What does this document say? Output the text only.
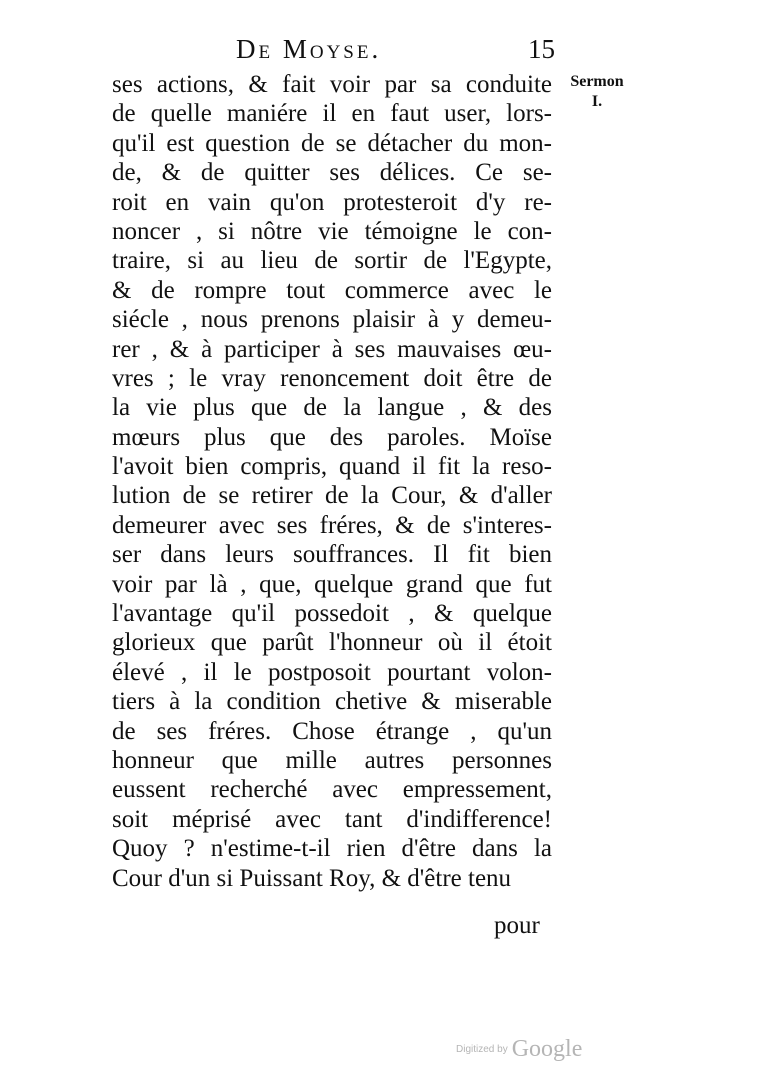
De Moyse.	15
Sermon
I.
ses actions, & fait voir par sa conduite
de quelle maniére il en faut user, lors-
qu'il est question de se détacher du mon-
de, & de quitter ses délices. Ce se-
roit en vain qu'on protesteroit d'y re-
noncer , si nôtre vie témoigne le con-
traire, si au lieu de sortir de l'Egypte,
& de rompre tout commerce avec le
siécle , nous prenons plaisir à y demeu-
rer , & à participer à ses mauvaises œu-
vres ; le vray renoncement doit être de
la vie plus que de la langue , & des
mœurs plus que des paroles. Moïse
l'avoit bien compris, quand il fit la reso-
lution de se retirer de la Cour, & d'aller
demeurer avec ses fréres, & de s'interes-
ser dans leurs souffrances. Il fit bien
voir par là , que, quelque grand que fut
l'avantage qu'il possedoit , & quelque
glorieux que parût l'honneur où il étoit
élevé , il le postposoit pourtant volon-
tiers à la condition chetive & miserable
de ses fréres. Chose étrange , qu'un
honneur que mille autres personnes
eussent recherché avec empressement,
soit méprisé avec tant d'indifference!
Quoy ? n'estime-t-il rien d'être dans la
Cour d'un si Puissant Roy, & d'être tenu
pour
Digitized by Google
